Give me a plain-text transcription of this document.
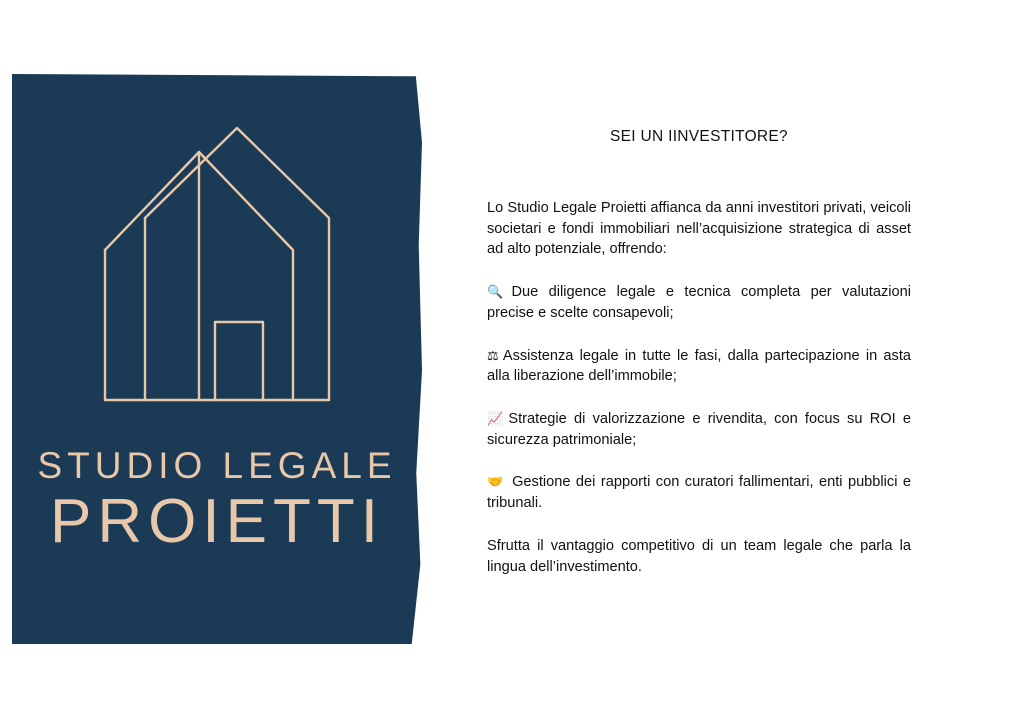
STUDIO LEGALE
PROIETTI
SEI UN IINVESTITORE?

Lo Studio Legale Proietti affianca da anni investitori privati, veicoli societari e fondi immobiliari nell’acquisizione strategica di asset ad alto potenziale, offrendo:

🔍 Due diligence legale e tecnica completa per valutazioni precise e scelte consapevoli;
⚖ Assistenza legale in tutte le fasi, dalla partecipazione in asta alla liberazione dell’immobile;
📈 Strategie di valorizzazione e rivendita, con focus su ROI e sicurezza patrimoniale;
🤝 Gestione dei rapporti con curatori fallimentari, enti pubblici e tribunali.

Sfrutta il vantaggio competitivo di un team legale che parla la lingua dell’investimento.
